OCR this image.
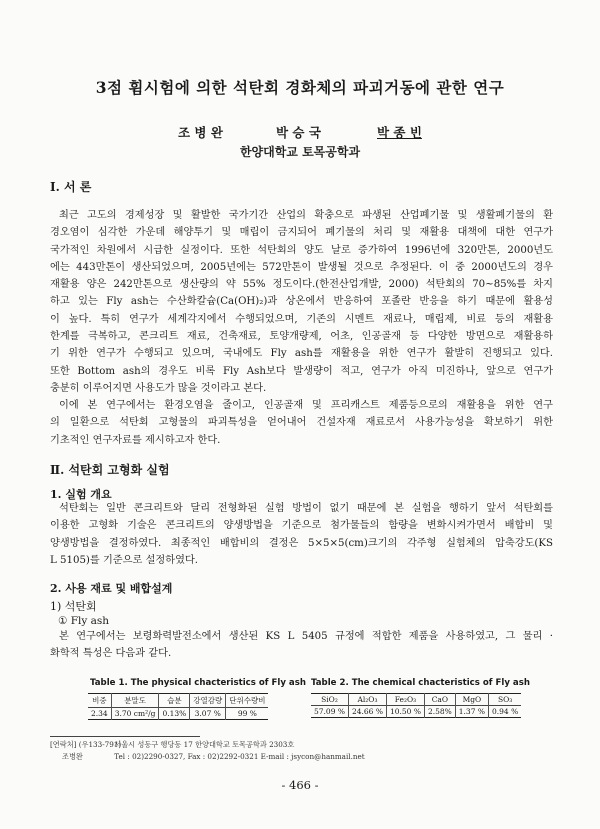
3점 휨시험에 의한 석탄회 경화체의 파괴거동에 관한 연구
조 병 완	박 승 국	박 종 빈
한양대학교 토목공학과
Ⅰ. 서 론
최근 고도의 경제성장 및 활발한 국가기간 산업의 확충으로 파생된 산업폐기물 및 생활폐기물의 환
경오염이 심각한 가운데 해양투기 및 매립이 금지되어 폐기물의 처리 및 재활용 대책에 대한 연구가
국가적인 차원에서 시급한 실정이다. 또한 석탄회의 양도 날로 증가하여 1996년에 320만톤, 2000년도
에는 443만톤이 생산되었으며, 2005년에는 572만톤이 발생될 것으로 추정된다. 이 중 2000년도의 경우
재활용 양은 242만톤으로 생산량의 약 55% 정도이다.(한전산업개발, 2000) 석탄회의 70~85%를 차지
하고 있는 Fly ash는 수산화칼슘(Ca(OH)₂)과 상온에서 반응하여 포졸란 반응을 하기 때문에 활용성
이 높다. 특히 연구가 세계각지에서 수행되었으며, 기존의 시멘트 재료나, 매립제, 비료 등의 재활용
한계를 극복하고, 콘크리트 재료, 건축재료, 토양개량제, 어초, 인공골재 등 다양한 방면으로 재활용하
기 위한 연구가 수행되고 있으며, 국내에도 Fly ash를 재활용을 위한 연구가 활발히 진행되고 있다.
또한 Bottom ash의 경우도 비록 Fly Ash보다 발생량이 적고, 연구가 아직 미진하나, 앞으로 연구가
충분히 이루어지면 사용도가 많을 것이라고 본다.
이에 본 연구에서는 환경오염을 줄이고, 인공골재 및 프리캐스트 제품등으로의 재활용을 위한 연구
의 일환으로 석탄회 고형물의 파괴특성을 얻어내어 건설자재 재료로서 사용가능성을 확보하기 위한
기초적인 연구자료를 제시하고자 한다.
Ⅱ. 석탄회 고형화 실험
1. 실험 개요
석탄회는 일반 콘크리트와 달리 전형화된 실험 방법이 없기 때문에 본 실험을 행하기 앞서 석탄회를
이용한 고형화 기술은 콘크리트의 양생방법을 기준으로 첨가물들의 함량을 변화시켜가면서 배합비 및
양생방법을 결정하였다. 최종적인 배합비의 결정은 5×5×5(cm)크기의 각주형 실험체의 압축강도(KS
L 5105)를 기준으로 설정하였다.
2. 사용 재료 및 배합설계
1) 석탄회
① Fly ash
본 연구에서는 보령화력발전소에서 생산된 KS L 5405 규정에 적합한 제품을 사용하였고, 그 물리 ·
화학적 특성은 다음과 같다.
Table 1. The physical chacteristics of Fly ash
비중	분말도	습분	강열감량	단위수량비
2.34	3.70 cm²/g	0.13%	3.07 %	99 %
Table 2. The chemical chacteristics of Fly ash
SiO₂	Al₂O₃	Fe₂O₃	CaO	MgO	SO₃
57.09 %	24.66 %	10.50 %	2.58%	1.37 %	0.94 %
[연락처] (우133-791) 서울시 성동구 행당동 17 한양대학교 토목공학과 2303호
조병완	Tel : 02)2290-0327, Fax : 02)2292-0321 E-mail : jsycon@hanmail.net
- 466 -
